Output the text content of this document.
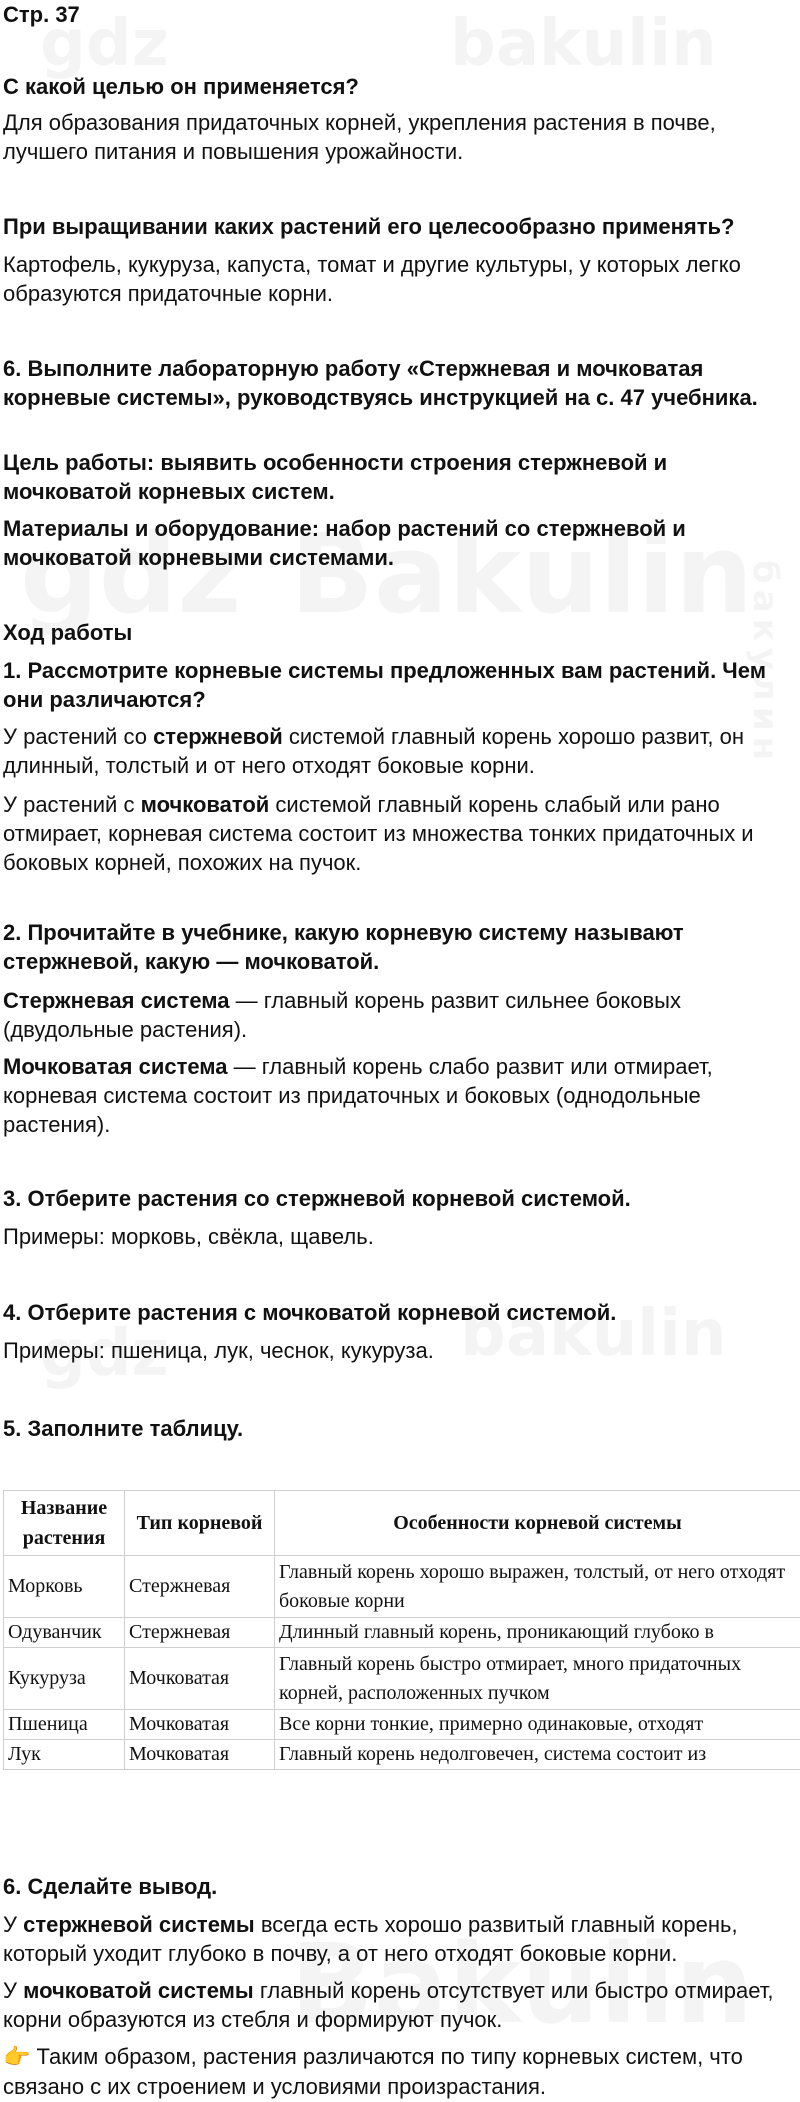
Стр. 37
С какой целью он применяется?
Для образования придаточных корней, укрепления растения в почве, лучшего питания и повышения урожайности.
При выращивании каких растений его целесообразно применять?
Картофель, кукуруза, капуста, томат и другие культуры, у которых легко образуются придаточные корни.
6. Выполните лабораторную работу «Стержневая и мочковатая корневые системы», руководствуясь инструкцией на с. 47 учебника.
Цель работы: выявить особенности строения стержневой и мочковатой корневых систем.
Материалы и оборудование: набор растений со стержневой и мочковатой корневыми системами.
Ход работы
1. Рассмотрите корневые системы предложенных вам растений. Чем они различаются?

У растений со стержневой системой главный корень хорошо развит, он длинный, толстый и от него отходят боковые корни.

У растений с мочковатой системой главный корень слабый или рано отмирает, корневая система состоит из множества тонких придаточных и боковых корней, похожих на пучок.

2. Прочитайте в учебнике, какую корневую систему называют стержневой, какую — мочковатой.

Стержневая система — главный корень развит сильнее боковых (двудольные растения).

Мочковатая система — главный корень слабо развит или отмирает, корневая система состоит из придаточных и боковых (однодольные растения).

3. Отберите растения со стержневой корневой системой.
Примеры: морковь, свёкла, щавель.
4. Отберите растения с мочковатой корневой системой.
Примеры: пшеница, лук, чеснок, кукуруза.
5. Заполните таблицу.
Название растения	Тип корневой	Особенности корневой системы
Морковь	Стержневая	Главный корень хорошо выражен, толстый, от него отходят боковые корни
Одуванчик	Стержневая	Длинный главный корень, проникающий глубоко в
Кукуруза	Мочковатая	Главный корень быстро отмирает, много придаточных корней, расположенных пучком
Пшеница	Мочковатая	Все корни тонкие, примерно одинаковые, отходят
Лук	Мочковатая	Главный корень недолговечен, система состоит из
6. Сделайте вывод.

У стержневой системы всегда есть хорошо развитый главный корень, который уходит глубоко в почву, а от него отходят боковые корни.

У мочковатой системы главный корень отсутствует или быстро отмирает, корни образуются из стебля и формируют пучок.

👉 Таким образом, растения различаются по типу корневых систем, что связано с их строением и условиями произрастания.
